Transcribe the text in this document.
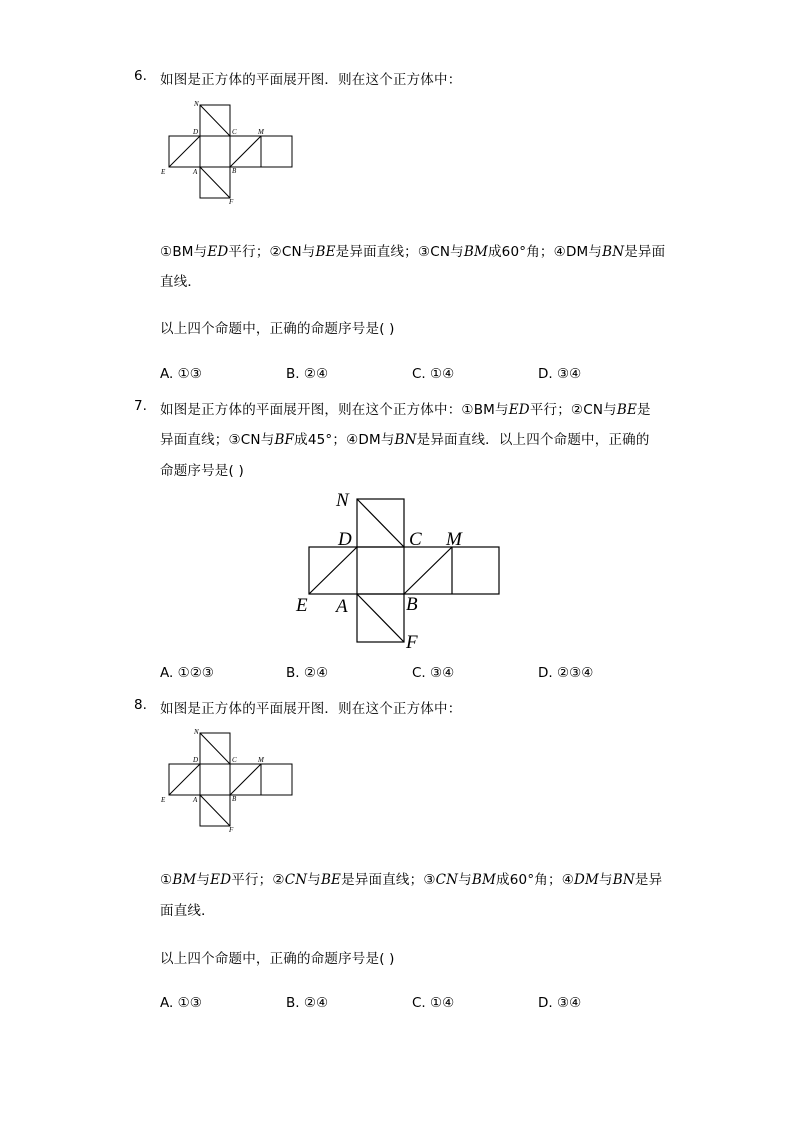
6. 如图是正方体的平面展开图．则在这个正方体中：
N
D	C	M
E	A	B
F
①BM与ED平行；②CN与BE是异面直线；③CN与BM成60°角；④DM与BN是异面
直线．
以上四个命题中，正确的命题序号是( )
A. ①③	B. ②④	C. ①④	D. ③④
7. 如图是正方体的平面展开图，则在这个正方体中：①BM与ED平行；②CN与BE是
异面直线；③CN与BF成45°；④DM与BN是异面直线．以上四个命题中，正确的
命题序号是( )
N
D	C M
E A	B
F
A. ①②③	B. ②④	C. ③④	D. ②③④
8. 如图是正方体的平面展开图．则在这个正方体中：
N
D	C	M
E	A	B
F
①BM与ED平行；②CN与BE是异面直线；③CN与BM成60°角；④DM与BN是异
面直线．
以上四个命题中，正确的命题序号是( )
A. ①③	B. ②④	C. ①④	D. ③④
